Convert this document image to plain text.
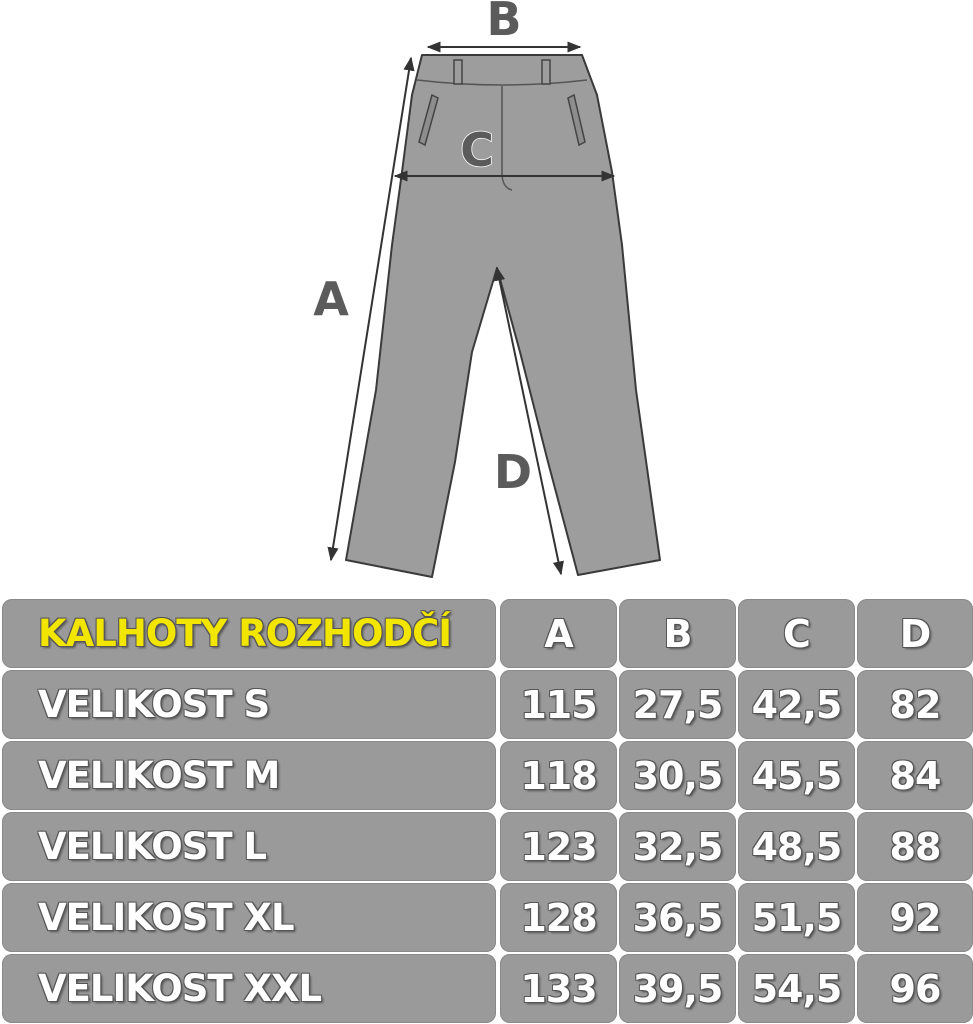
B
C
A
D
KALHOTY ROZHODČÍ A B C D
VELIKOST S	115 27,5 42,5 82
VELIKOST M	118 30,5 45,5 84
VELIKOST L	123 32,5 48,5 88
VELIKOST XL	128 36,5 51,5 92
VELIKOST XXL	133 39,5 54,5 96
